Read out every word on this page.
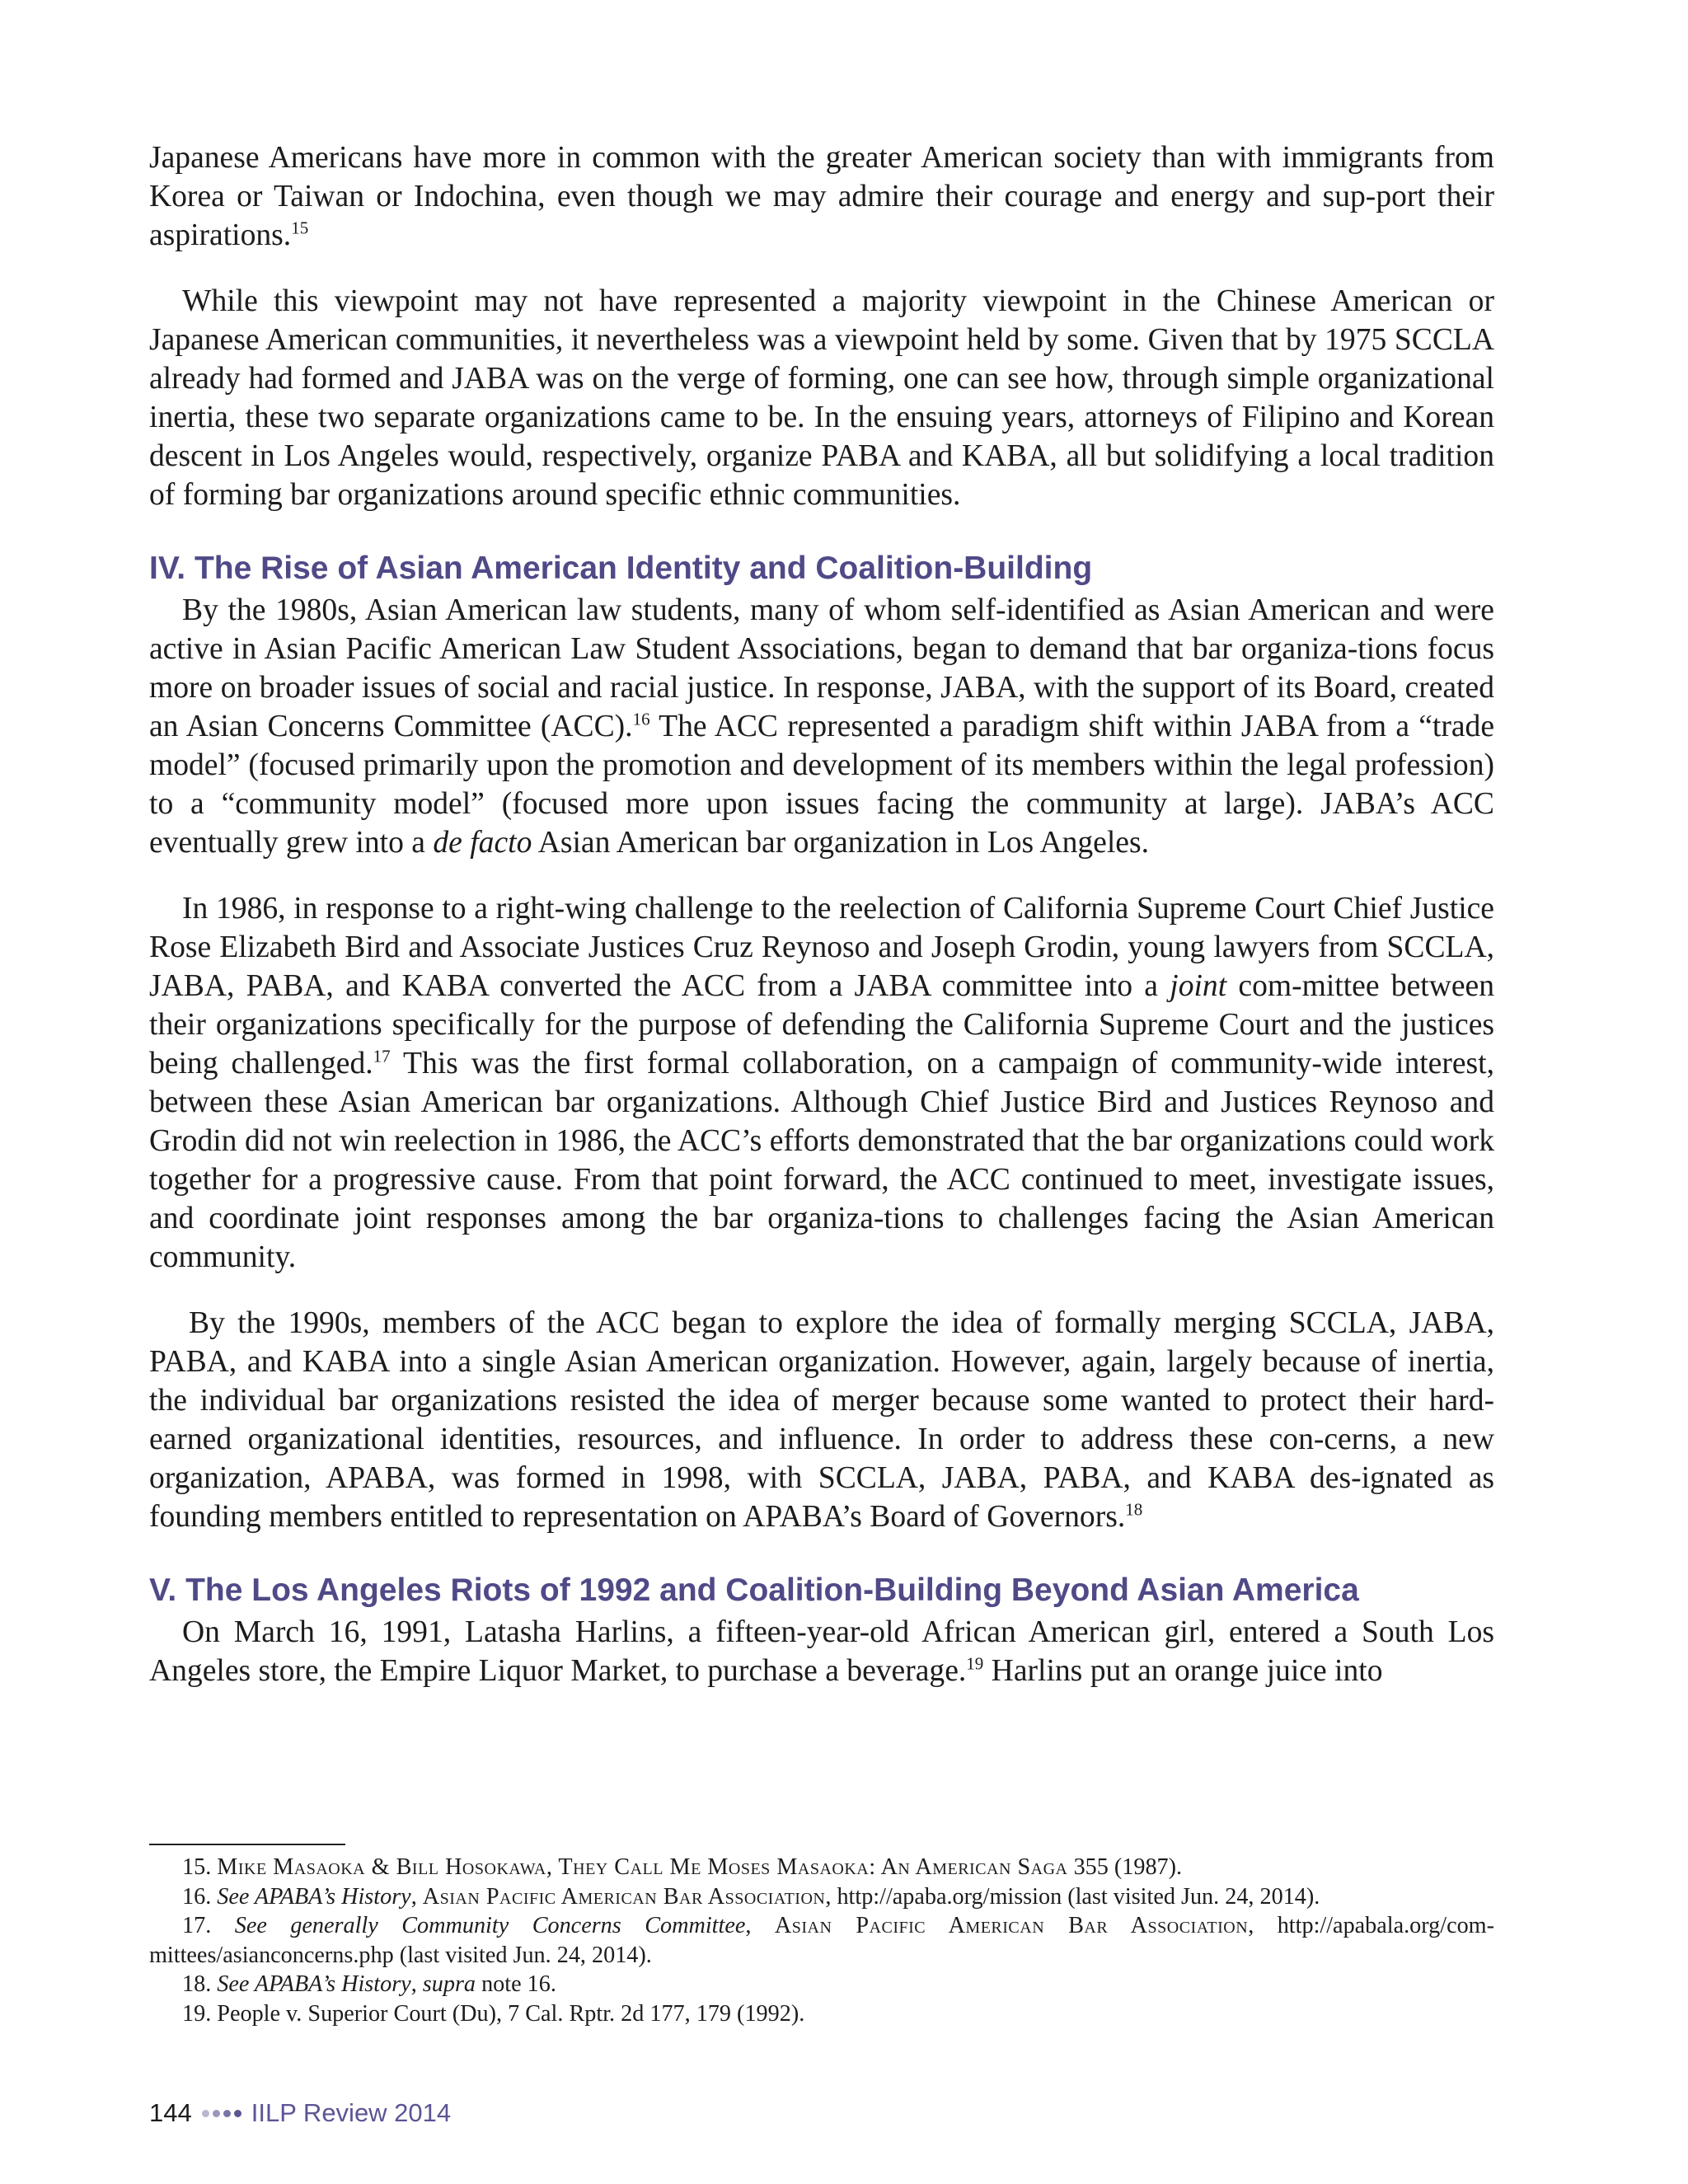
Japanese Americans have more in common with the greater American society than with immigrants from Korea or Taiwan or Indochina, even though we may admire their courage and energy and sup-port their aspirations.$^{15}$

While this viewpoint may not have represented a majority viewpoint in the Chinese American or Japanese American communities, it nevertheless was a viewpoint held by some. Given that by 1975 SCCLA already had formed and JABA was on the verge of forming, one can see how, through simple organizational inertia, these two separate organizations came to be. In the ensuing years, attorneys of Filipino and Korean descent in Los Angeles would, respectively, organize PABA and KABA, all but solidifying a local tradition of forming bar organizations around specific ethnic communities.

IV. The Rise of Asian American Identity and Coalition-Building

By the 1980s, Asian American law students, many of whom self-identified as Asian American and were active in Asian Pacific American Law Student Associations, began to demand that bar organiza-tions focus more on broader issues of social and racial justice. In response, JABA, with the support of its Board, created an Asian Concerns Committee (ACC).$^{16}$ The ACC represented a paradigm shift within JABA from a “trade model” (focused primarily upon the promotion and development of its members within the legal profession) to a “community model” (focused more upon issues facing the community at large). JABA’s ACC eventually grew into a de facto Asian American bar organization in Los Angeles.

In 1986, in response to a right-wing challenge to the reelection of California Supreme Court Chief Justice Rose Elizabeth Bird and Associate Justices Cruz Reynoso and Joseph Grodin, young lawyers from SCCLA, JABA, PABA, and KABA converted the ACC from a JABA committee into a joint com-mittee between their organizations specifically for the purpose of defending the California Supreme Court and the justices being challenged.$^{17}$ This was the first formal collaboration, on a campaign of community-wide interest, between these Asian American bar organizations. Although Chief Justice Bird and Justices Reynoso and Grodin did not win reelection in 1986, the ACC’s efforts demonstrated that the bar organizations could work together for a progressive cause. From that point forward, the ACC continued to meet, investigate issues, and coordinate joint responses among the bar organiza-tions to challenges facing the Asian American community.

By the 1990s, members of the ACC began to explore the idea of formally merging SCCLA, JABA, PABA, and KABA into a single Asian American organization. However, again, largely because of inertia, the individual bar organizations resisted the idea of merger because some wanted to protect their hard-earned organizational identities, resources, and influence. In order to address these con-cerns, a new organization, APABA, was formed in 1998, with SCCLA, JABA, PABA, and KABA des-ignated as founding members entitled to representation on APABA’s Board of Governors.$^{18}$

V. The Los Angeles Riots of 1992 and Coalition-Building Beyond Asian America

On March 16, 1991, Latasha Harlins, a fifteen-year-old African American girl, entered a South Los Angeles store, the Empire Liquor Market, to purchase a beverage.$^{19}$ Harlins put an orange juice into

15. Mike Masaoka & Bill Hosokawa, They Call Me Moses Masaoka: An American Saga 355 (1987).

16. See APABA’s History, Asian Pacific American Bar Association, http://apaba.org/mission (last visited Jun. 24, 2014).

17. See generally Community Concerns Committee, Asian Pacific American Bar Association, http://apabala.org/com-mittees/asianconcerns.php (last visited Jun. 24, 2014).

18. See APABA’s History, supra note 16.

19. People v. Superior Court (Du), 7 Cal. Rptr. 2d 177, 179 (1992).

144 IILP Review 2014
